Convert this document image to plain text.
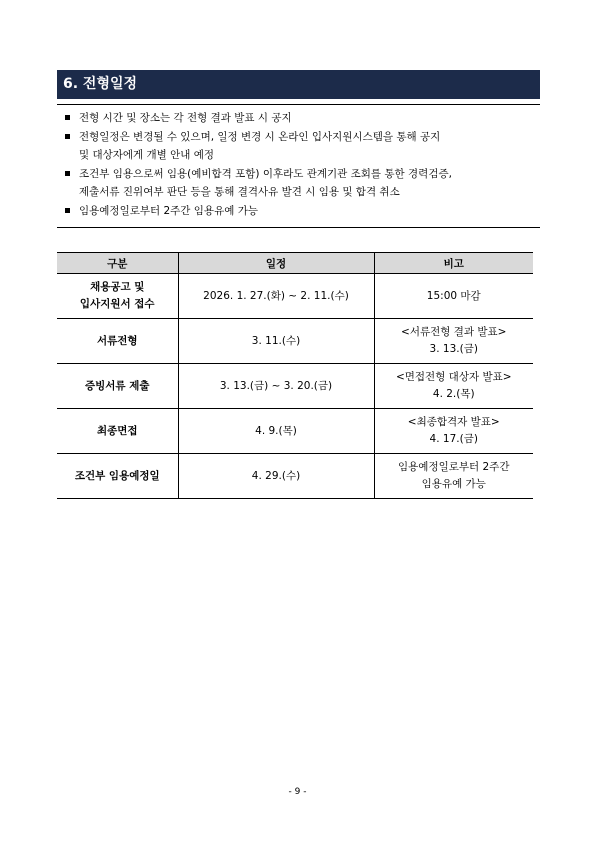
6. 전형일정
전형 시간 및 장소는 각 전형 결과 발표 시 공지
전형일정은 변경될 수 있으며, 일정 변경 시 온라인 입사지원시스템을 통해 공지
및 대상자에게 개별 안내 예정
조건부 임용으로써 임용(예비합격 포함) 이후라도 관계기관 조회를 통한 경력검증,
제출서류 진위여부 판단 등을 통해 결격사유 발견 시 임용 및 합격 취소
임용예정일로부터 2주간 임용유예 가능
구분	일정	비고

채용공고 및
입사지원서 접수	2026. 1. 27.(화) ~ 2. 11.(수)	15:00 마감

서류전형	3. 11.(수)	<서류전형 결과 발표>
3. 13.(금)

증빙서류 제출	3. 13.(금) ~ 3. 20.(금)	<면접전형 대상자 발표>
4. 2.(목)

최종면접	4. 9.(목)	<최종합격자 발표>
4. 17.(금)

조건부 임용예정일	4. 29.(수)	임용예정일로부터 2주간
임용유예 가능
- 9 -
